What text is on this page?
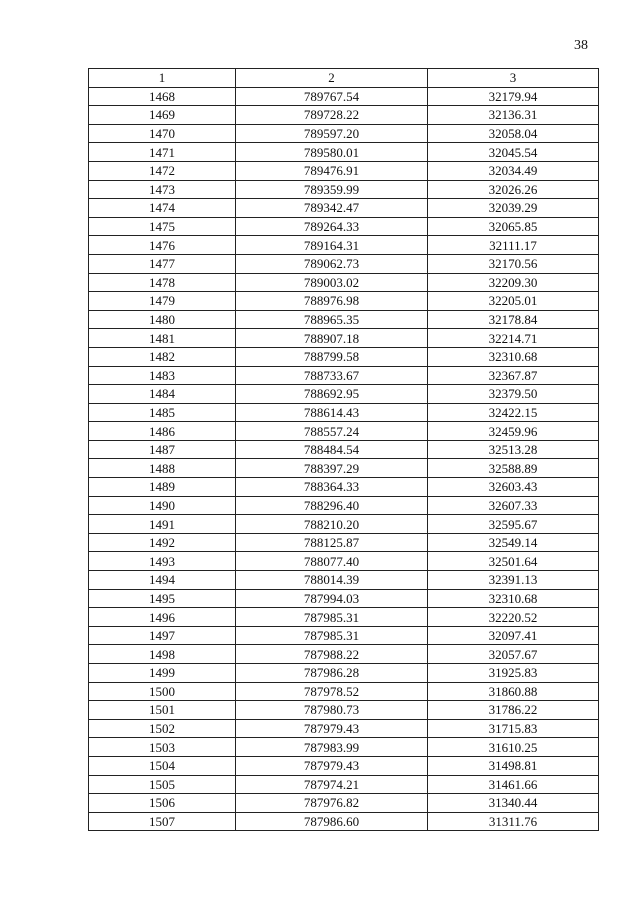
38
1	2	3
1468	789767.54	32179.94
1469	789728.22	32136.31
1470	789597.20	32058.04
1471	789580.01	32045.54
1472	789476.91	32034.49
1473	789359.99	32026.26
1474	789342.47	32039.29
1475	789264.33	32065.85
1476	789164.31	32111.17
1477	789062.73	32170.56
1478	789003.02	32209.30
1479	788976.98	32205.01
1480	788965.35	32178.84
1481	788907.18	32214.71
1482	788799.58	32310.68
1483	788733.67	32367.87
1484	788692.95	32379.50
1485	788614.43	32422.15
1486	788557.24	32459.96
1487	788484.54	32513.28
1488	788397.29	32588.89
1489	788364.33	32603.43
1490	788296.40	32607.33
1491	788210.20	32595.67
1492	788125.87	32549.14
1493	788077.40	32501.64
1494	788014.39	32391.13
1495	787994.03	32310.68
1496	787985.31	32220.52
1497	787985.31	32097.41
1498	787988.22	32057.67
1499	787986.28	31925.83
1500	787978.52	31860.88
1501	787980.73	31786.22
1502	787979.43	31715.83
1503	787983.99	31610.25
1504	787979.43	31498.81
1505	787974.21	31461.66
1506	787976.82	31340.44
1507	787986.60	31311.76
